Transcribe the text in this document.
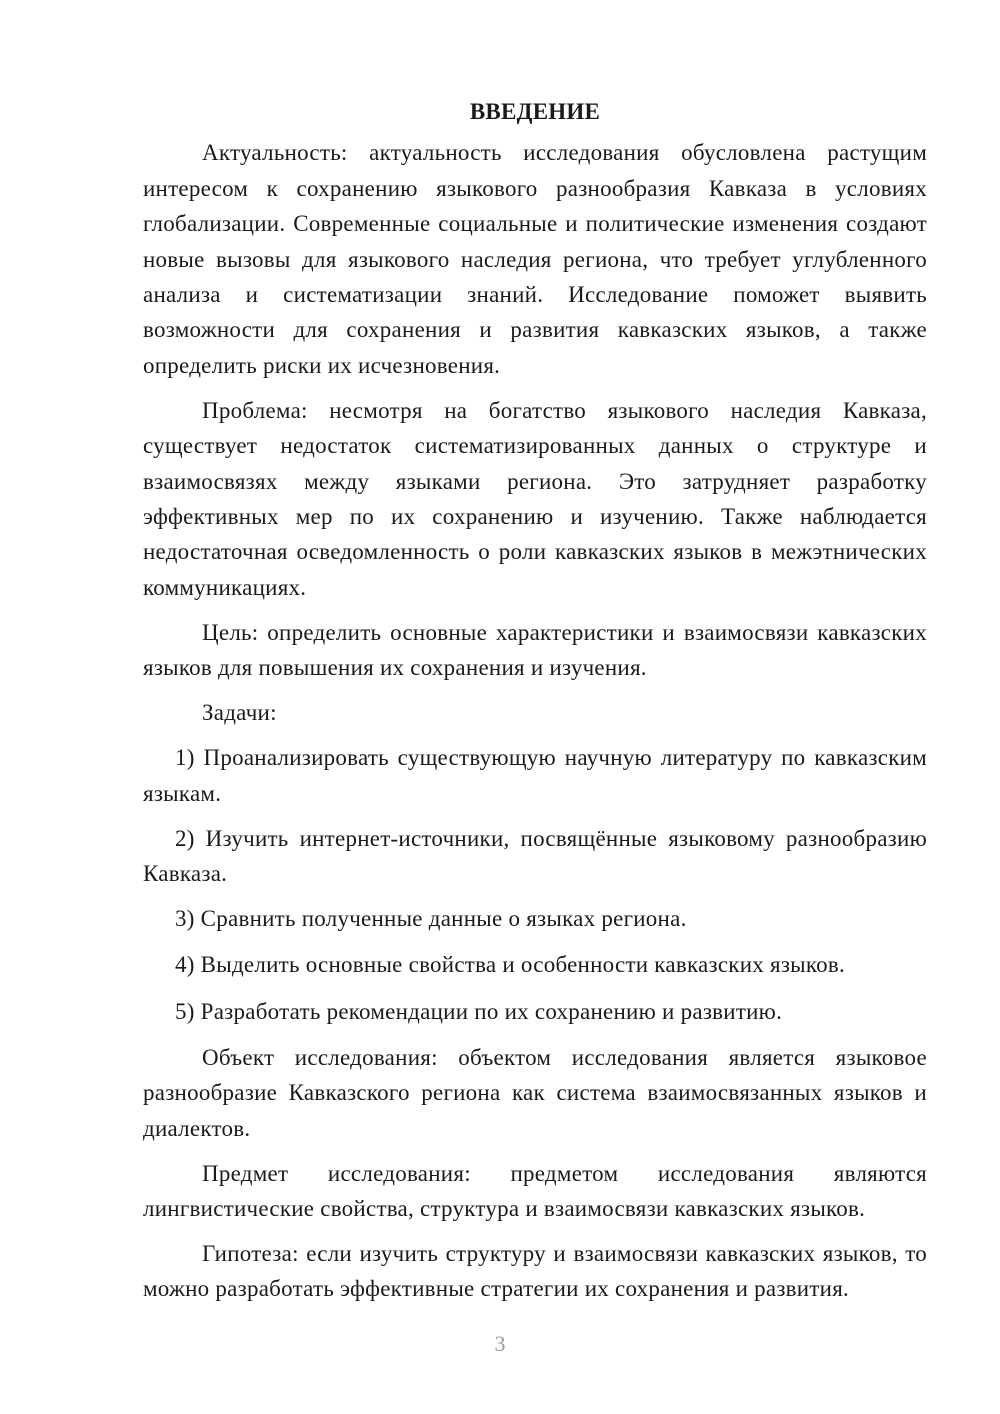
ВВЕДЕНИЕ

Актуальность: актуальность исследования обусловлена растущим интересом к сохранению языкового разнообразия Кавказа в условиях глобализации. Современные социальные и политические изменения создают новые вызовы для языкового наследия региона, что требует углубленного анализа и систематизации знаний. Исследование поможет выявить возможности для сохранения и развития кавказских языков, а также определить риски их исчезновения.

Проблема: несмотря на богатство языкового наследия Кавказа, существует недостаток систематизированных данных о структуре и взаимосвязях между языками региона. Это затрудняет разработку эффективных мер по их сохранению и изучению. Также наблюдается недостаточная осведомленность о роли кавказских языков в межэтнических коммуникациях.

Цель: определить основные характеристики и взаимосвязи кавказских языков для повышения их сохранения и изучения.

Задачи:

1) Проанализировать существующую научную литературу по кавказским языкам.

2) Изучить интернет-источники, посвящённые языковому разнообразию Кавказа.

3) Сравнить полученные данные о языках региона.

4) Выделить основные свойства и особенности кавказских языков.

5) Разработать рекомендации по их сохранению и развитию.

Объект исследования: объектом исследования является языковое разнообразие Кавказского региона как система взаимосвязанных языков и диалектов.

Предмет исследования: предметом исследования являются лингвистические свойства, структура и взаимосвязи кавказских языков.

Гипотеза: если изучить структуру и взаимосвязи кавказских языков, то можно разработать эффективные стратегии их сохранения и развития.

3
